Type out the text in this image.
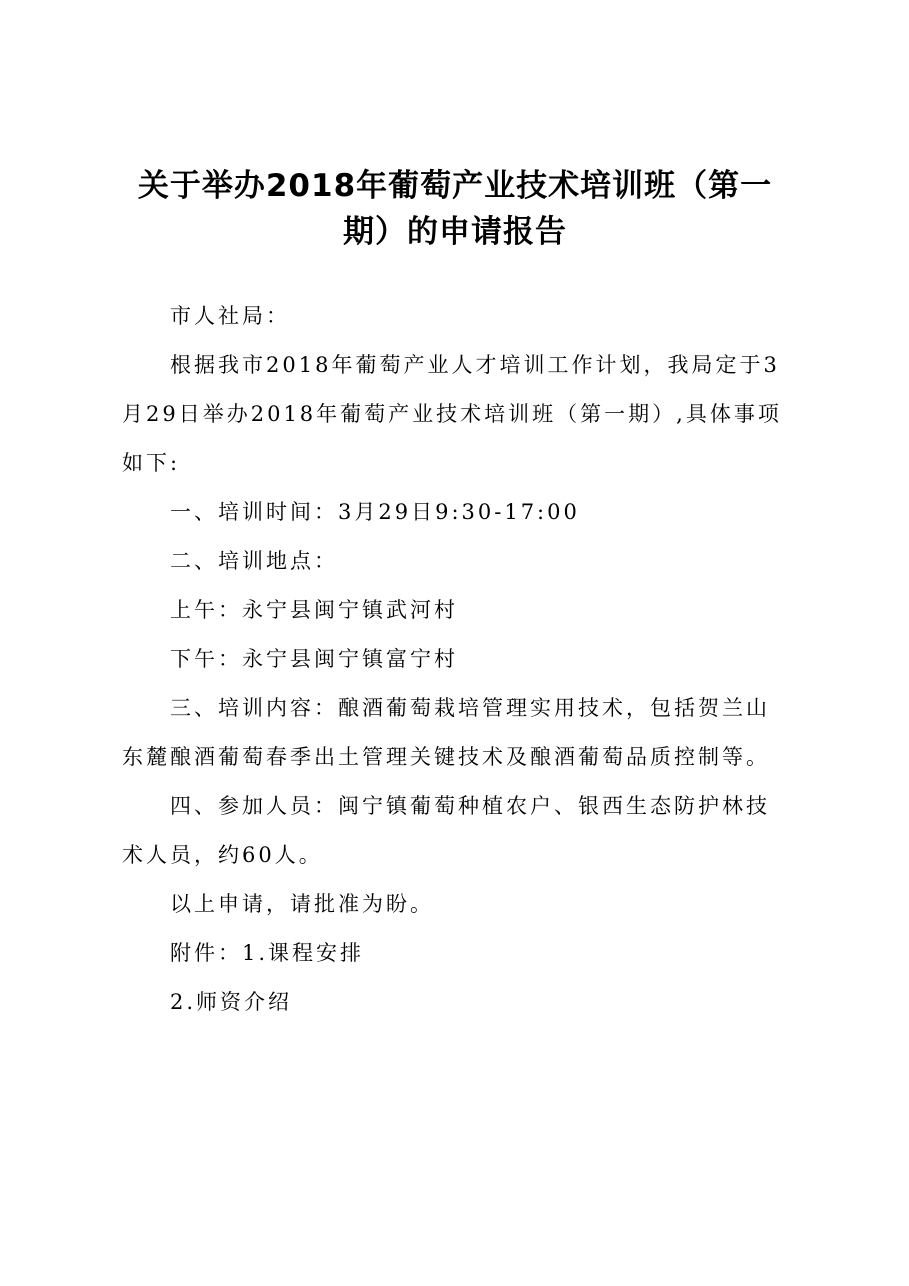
关于举办2018年葡萄产业技术培训班（第一
期）的申请报告
市人社局：
根据我市2018年葡萄产业人才培训工作计划，我局定于3
月29日举办2018年葡萄产业技术培训班（第一期）,具体事项
如下:
一、培训时间：3月29日9:30-17:00
二、培训地点：
上午：永宁县闽宁镇武河村
下午：永宁县闽宁镇富宁村
三、培训内容：酿酒葡萄栽培管理实用技术，包括贺兰山
东麓酿酒葡萄春季出土管理关键技术及酿酒葡萄品质控制等。
四、参加人员：闽宁镇葡萄种植农户、银西生态防护林技
术人员，约60人。
以上申请，请批准为盼。
附件：1.课程安排
2.师资介绍
